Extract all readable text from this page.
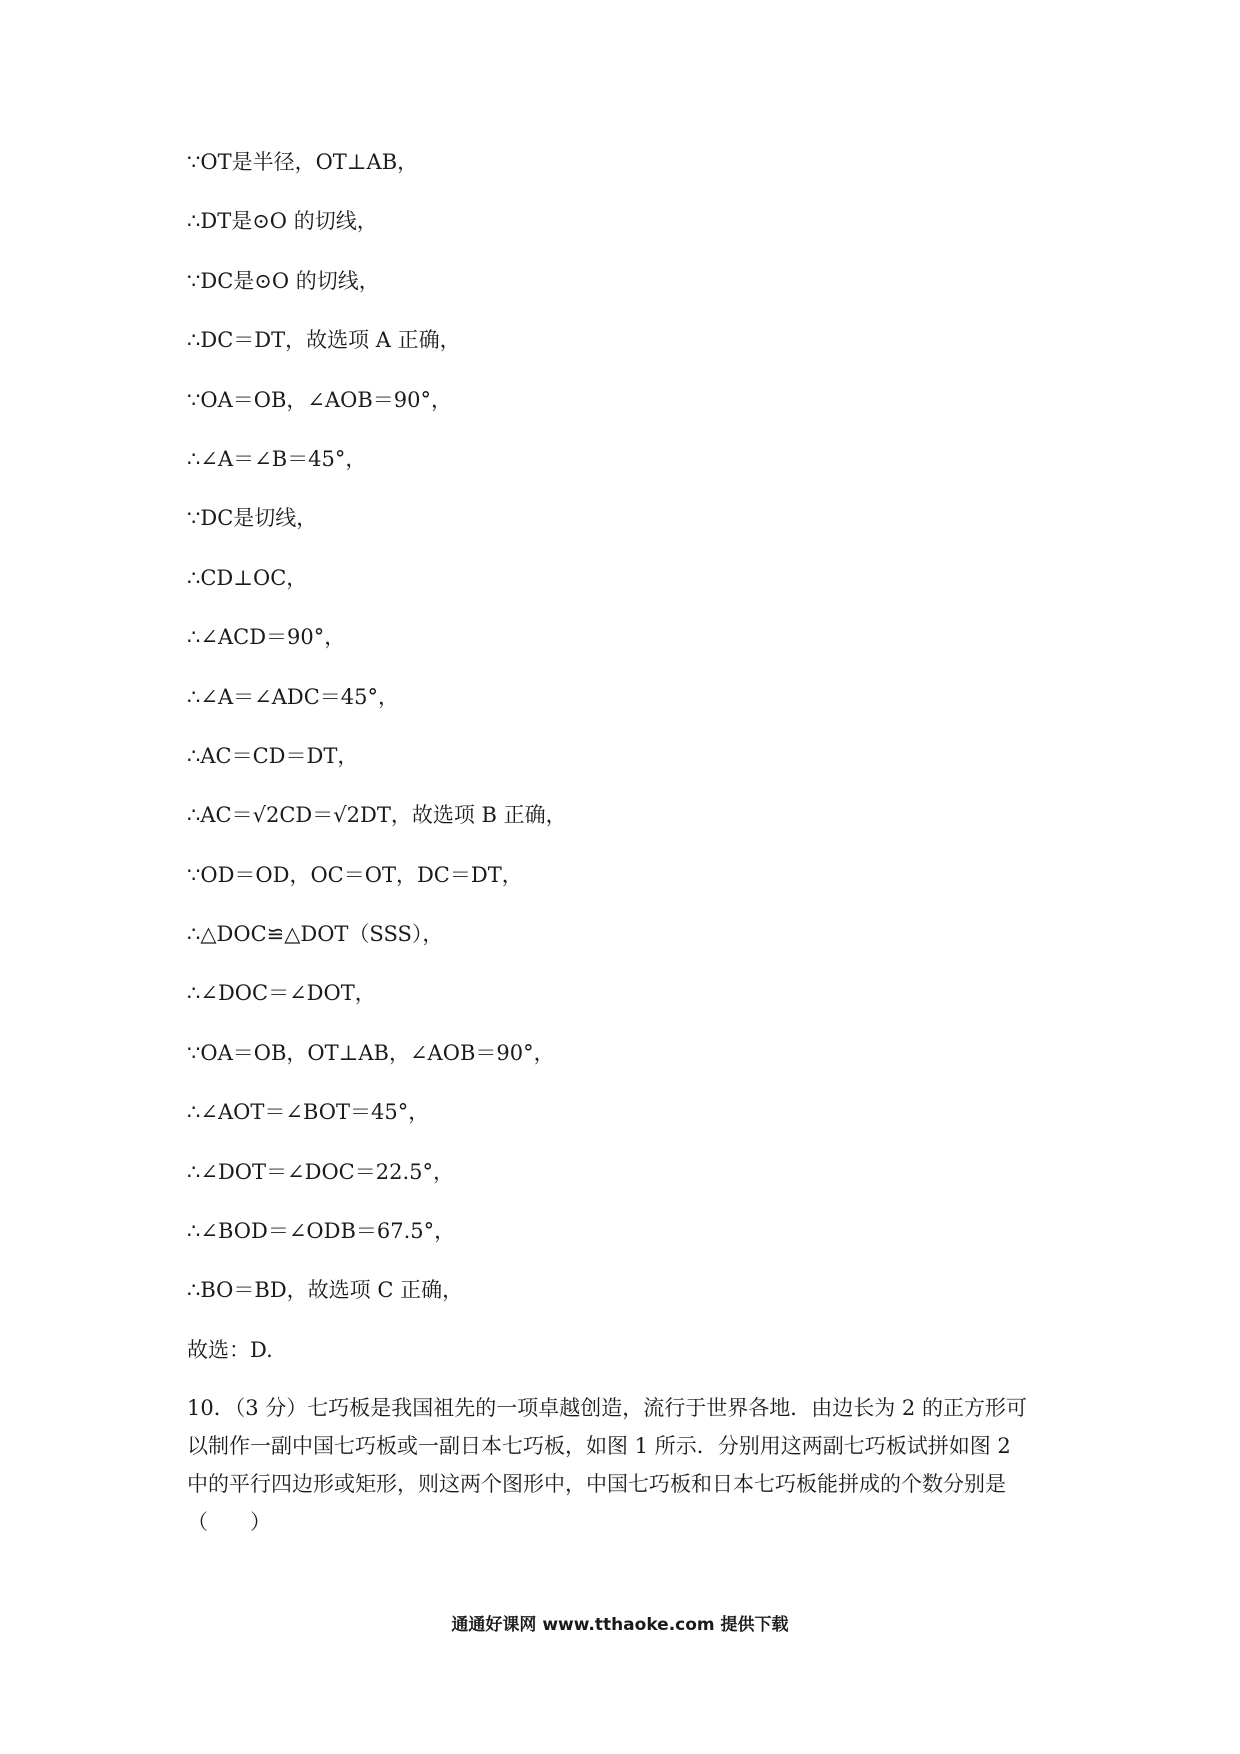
∵OT是半径，OT⊥AB，
∴DT是⊙O 的切线，
∵DC是⊙O 的切线，
∴DC＝DT，故选项 A 正确，
∵OA＝OB，∠AOB＝90°，
∴∠A＝∠B＝45°，
∵DC是切线，
∴CD⊥OC，
∴∠ACD＝90°，
∴∠A＝∠ADC＝45°，
∴AC＝CD＝DT，
∴AC＝√2CD＝√2DT，故选项 B 正确，
∵OD＝OD，OC＝OT，DC＝DT，
∴△DOC≌△DOT（SSS），
∴∠DOC＝∠DOT，
∵OA＝OB，OT⊥AB，∠AOB＝90°，
∴∠AOT＝∠BOT＝45°，
∴∠DOT＝∠DOC＝22.5°，
∴∠BOD＝∠ODB＝67.5°，
∴BO＝BD，故选项 C 正确，
故选：D.
10．（3 分）七巧板是我国祖先的一项卓越创造，流行于世界各地．由边长为 2 的正方形可
以制作一副中国七巧板或一副日本七巧板，如图 1 所示．分别用这两副七巧板试拼如图 2
中的平行四边形或矩形，则这两个图形中，中国七巧板和日本七巧板能拼成的个数分别是
（　　）
通通好课网 www.tthaoke.com 提供下载
